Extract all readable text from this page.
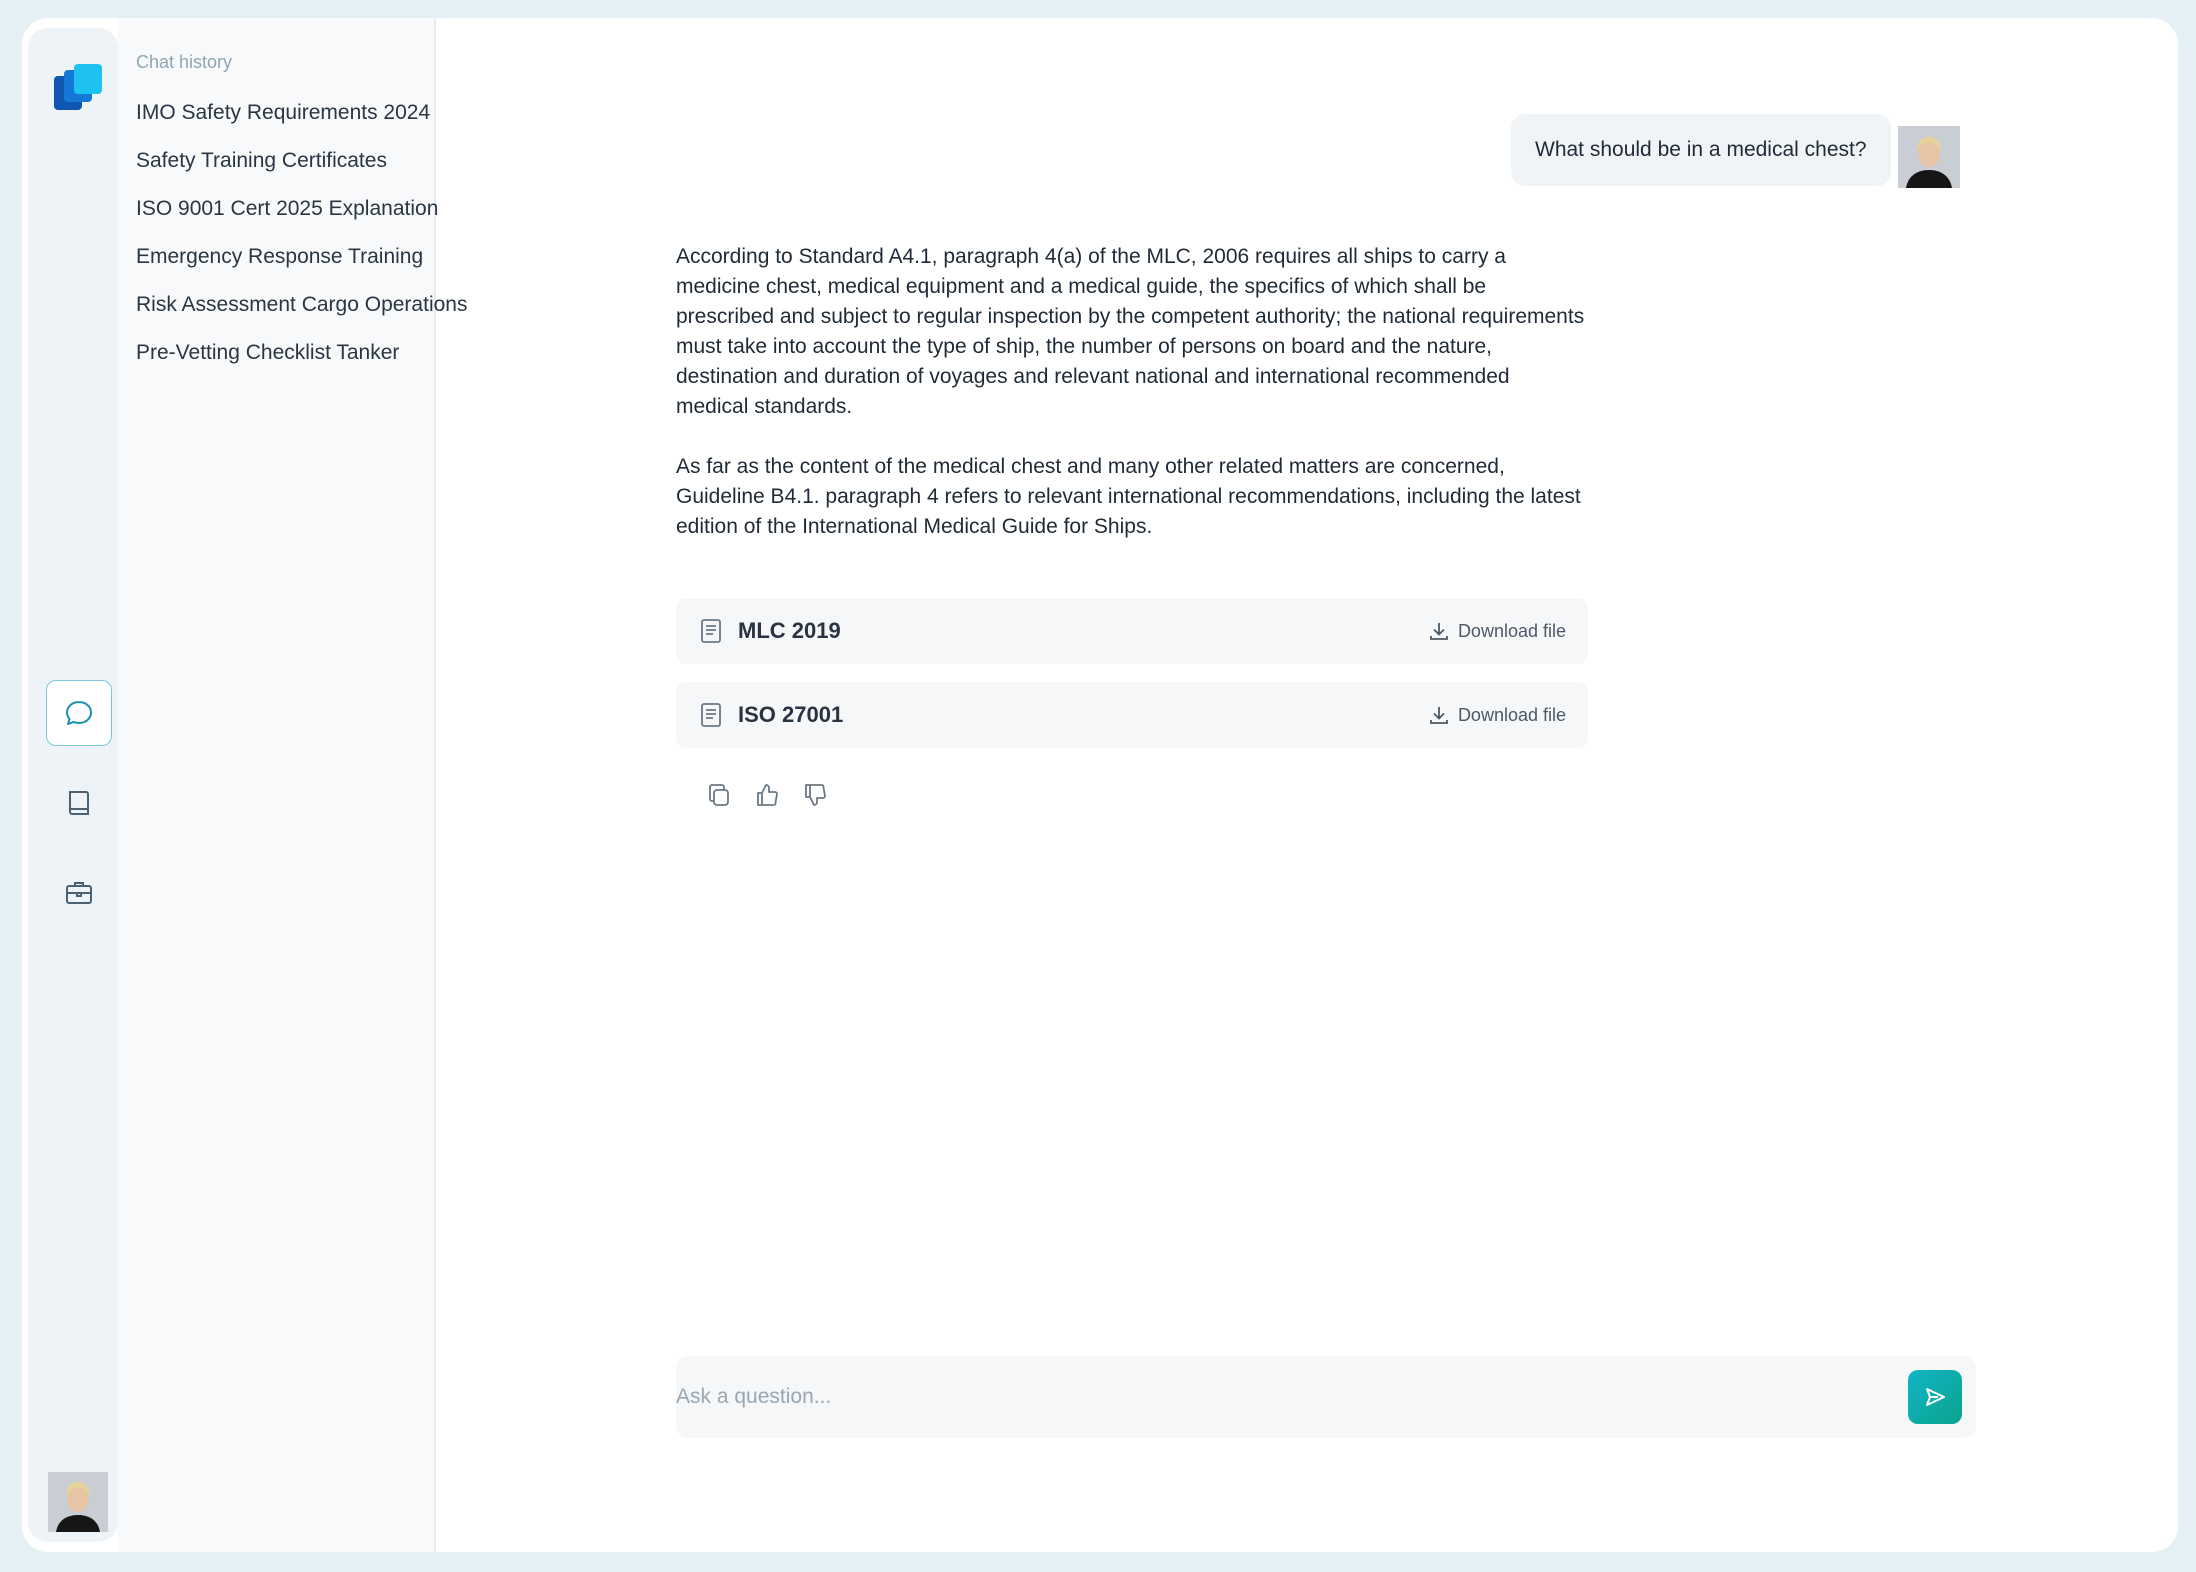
Chat history
IMO Safety Requirements 2024
Safety Training Certificates
ISO 9001 Cert 2025 Explanation
Emergency Response Training
Risk Assessment Cargo Operations
Pre-Vetting Checklist Tanker
What should be in a medical chest?

According to Standard A4.1, paragraph 4(a) of the MLC, 2006 requires all ships to carry a medicine chest, medical equipment and a medical guide, the specifics of which shall be prescribed and subject to regular inspection by the competent authority; the national requirements must take into account the type of ship, the number of persons on board and the nature, destination and duration of voyages and relevant national and international recommended medical standards.

As far as the content of the medical chest and many other related matters are concerned, Guideline B4.1. paragraph 4 refers to relevant international recommendations, including the latest edition of the International Medical Guide for Ships.

MLC 2019	Download file
ISO 27001	Download file
Ask a question...
